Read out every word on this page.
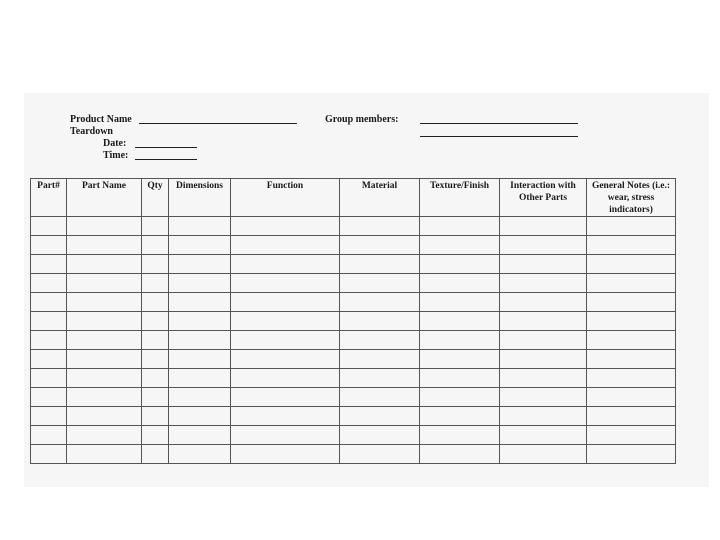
Product Name
Teardown
Date:
Time:
Group members:
Part#	Part Name	Qty	Dimensions	Function	Material	Texture/Finish	Interaction with Other Parts	General Notes (i.e.: wear, stress indicators)
